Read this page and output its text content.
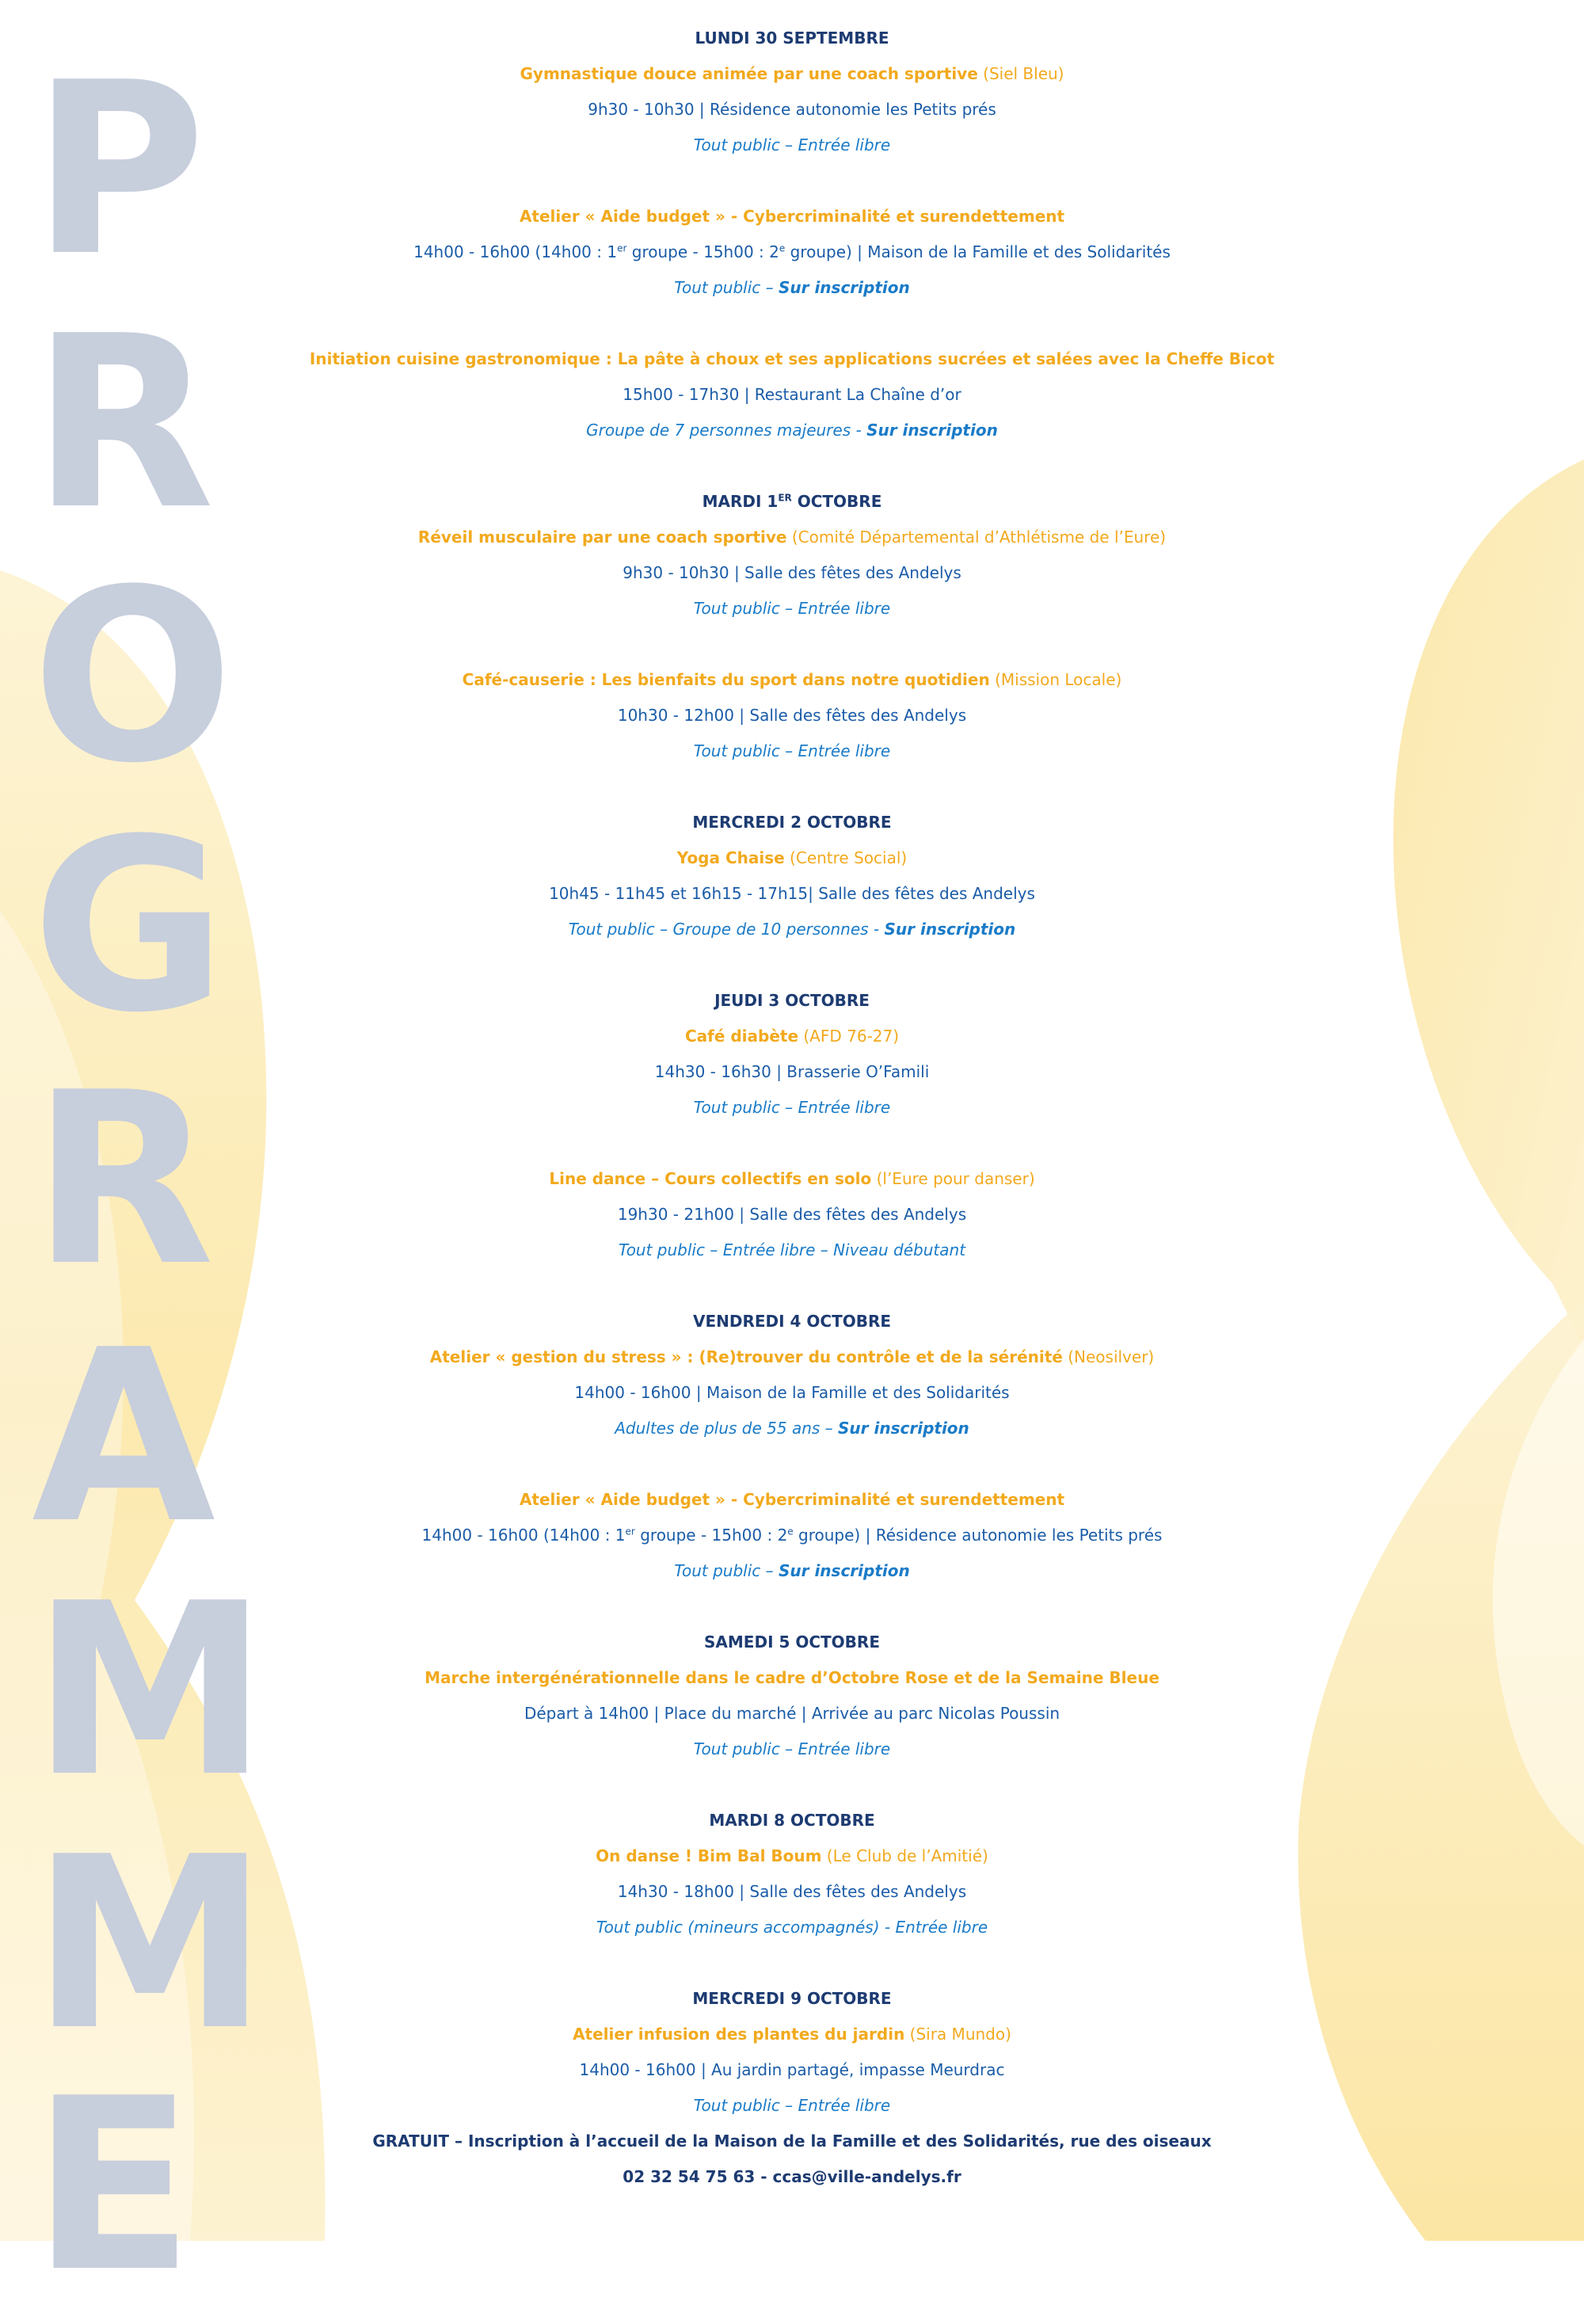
P
R
O
G
R
A
M
M
E

LUNDI 30 SEPTEMBRE

Gymnastique douce animée par une coach sportive (Siel Bleu)

9h30 - 10h30 | Résidence autonomie les Petits prés

Tout public – Entrée libre

Atelier « Aide budget » - Cybercriminalité et surendettement

14h00 - 16h00 (14h00 : 1er groupe - 15h00 : 2e groupe) | Maison de la Famille et des Solidarités

Tout public – Sur inscription

Initiation cuisine gastronomique : La pâte à choux et ses applications sucrées et salées avec la Cheffe Bicot

15h00 - 17h30 | Restaurant La Chaîne d’or

Groupe de 7 personnes majeures - Sur inscription

MARDI 1ER OCTOBRE

Réveil musculaire par une coach sportive (Comité Départemental d’Athlétisme de l’Eure)

9h30 - 10h30 | Salle des fêtes des Andelys

Tout public – Entrée libre

Café-causerie : Les bienfaits du sport dans notre quotidien (Mission Locale)

10h30 - 12h00 | Salle des fêtes des Andelys

Tout public – Entrée libre

MERCREDI 2 OCTOBRE

Yoga Chaise (Centre Social)

10h45 - 11h45 et 16h15 - 17h15| Salle des fêtes des Andelys

Tout public – Groupe de 10 personnes - Sur inscription

JEUDI 3 OCTOBRE

Café diabète (AFD 76-27)

14h30 - 16h30 | Brasserie O’Famili

Tout public – Entrée libre

Line dance – Cours collectifs en solo (l’Eure pour danser)

19h30 - 21h00 | Salle des fêtes des Andelys

Tout public – Entrée libre – Niveau débutant

VENDREDI 4 OCTOBRE

Atelier « gestion du stress » : (Re)trouver du contrôle et de la sérénité (Neosilver)

14h00 - 16h00 | Maison de la Famille et des Solidarités

Adultes de plus de 55 ans – Sur inscription

Atelier « Aide budget » - Cybercriminalité et surendettement

14h00 - 16h00 (14h00 : 1er groupe - 15h00 : 2e groupe) | Résidence autonomie les Petits prés

Tout public – Sur inscription

SAMEDI 5 OCTOBRE

Marche intergénérationnelle dans le cadre d’Octobre Rose et de la Semaine Bleue

Départ à 14h00 | Place du marché | Arrivée au parc Nicolas Poussin

Tout public – Entrée libre

MARDI 8 OCTOBRE

On danse ! Bim Bal Boum (Le Club de l’Amitié)

14h30 - 18h00 | Salle des fêtes des Andelys

Tout public (mineurs accompagnés) - Entrée libre

MERCREDI 9 OCTOBRE

Atelier infusion des plantes du jardin (Sira Mundo)

14h00 - 16h00 | Au jardin partagé, impasse Meurdrac

Tout public – Entrée libre

GRATUIT – Inscription à l’accueil de la Maison de la Famille et des Solidarités, rue des oiseaux

02 32 54 75 63 - ccas@ville-andelys.fr
